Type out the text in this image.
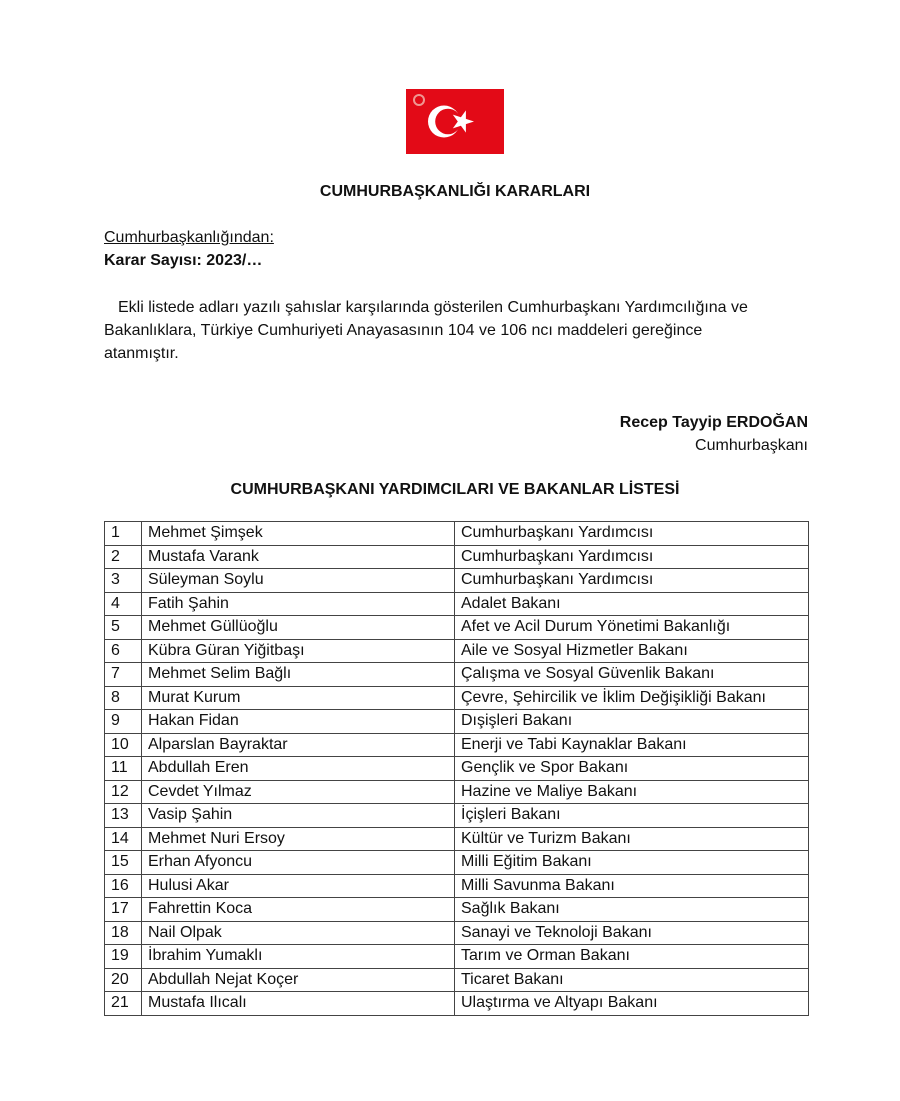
CUMHURBAŞKANLIĞI KARARLARI
Cumhurbaşkanlığından:
Karar Sayısı: 2023/…
Ekli listede adları yazılı şahıslar karşılarında gösterilen Cumhurbaşkanı Yardımcılığına ve
Bakanlıklara, Türkiye Cumhuriyeti Anayasasının 104 ve 106 ncı maddeleri gereğince
atanmıştır.
Recep Tayyip ERDOĞAN
Cumhurbaşkanı
CUMHURBAŞKANI YARDIMCILARI VE BAKANLAR LİSTESİ
1	Mehmet Şimşek	Cumhurbaşkanı Yardımcısı
2	Mustafa Varank	Cumhurbaşkanı Yardımcısı
3	Süleyman Soylu	Cumhurbaşkanı Yardımcısı
4	Fatih Şahin	Adalet Bakanı
5	Mehmet Güllüoğlu	Afet ve Acil Durum Yönetimi Bakanlığı
6	Kübra Güran Yiğitbaşı	Aile ve Sosyal Hizmetler Bakanı
7	Mehmet Selim Bağlı	Çalışma ve Sosyal Güvenlik Bakanı
8	Murat Kurum	Çevre, Şehircilik ve İklim Değişikliği Bakanı
9	Hakan Fidan	Dışişleri Bakanı
10	Alparslan Bayraktar	Enerji ve Tabi Kaynaklar Bakanı
11	Abdullah Eren	Gençlik ve Spor Bakanı
12	Cevdet Yılmaz	Hazine ve Maliye Bakanı
13	Vasip Şahin	İçişleri Bakanı
14	Mehmet Nuri Ersoy	Kültür ve Turizm Bakanı
15	Erhan Afyoncu	Milli Eğitim Bakanı
16	Hulusi Akar	Milli Savunma Bakanı
17	Fahrettin Koca	Sağlık Bakanı
18	Nail Olpak	Sanayi ve Teknoloji Bakanı
19	İbrahim Yumaklı	Tarım ve Orman Bakanı
20	Abdullah Nejat Koçer	Ticaret Bakanı
21	Mustafa Ilıcalı	Ulaştırma ve Altyapı Bakanı
